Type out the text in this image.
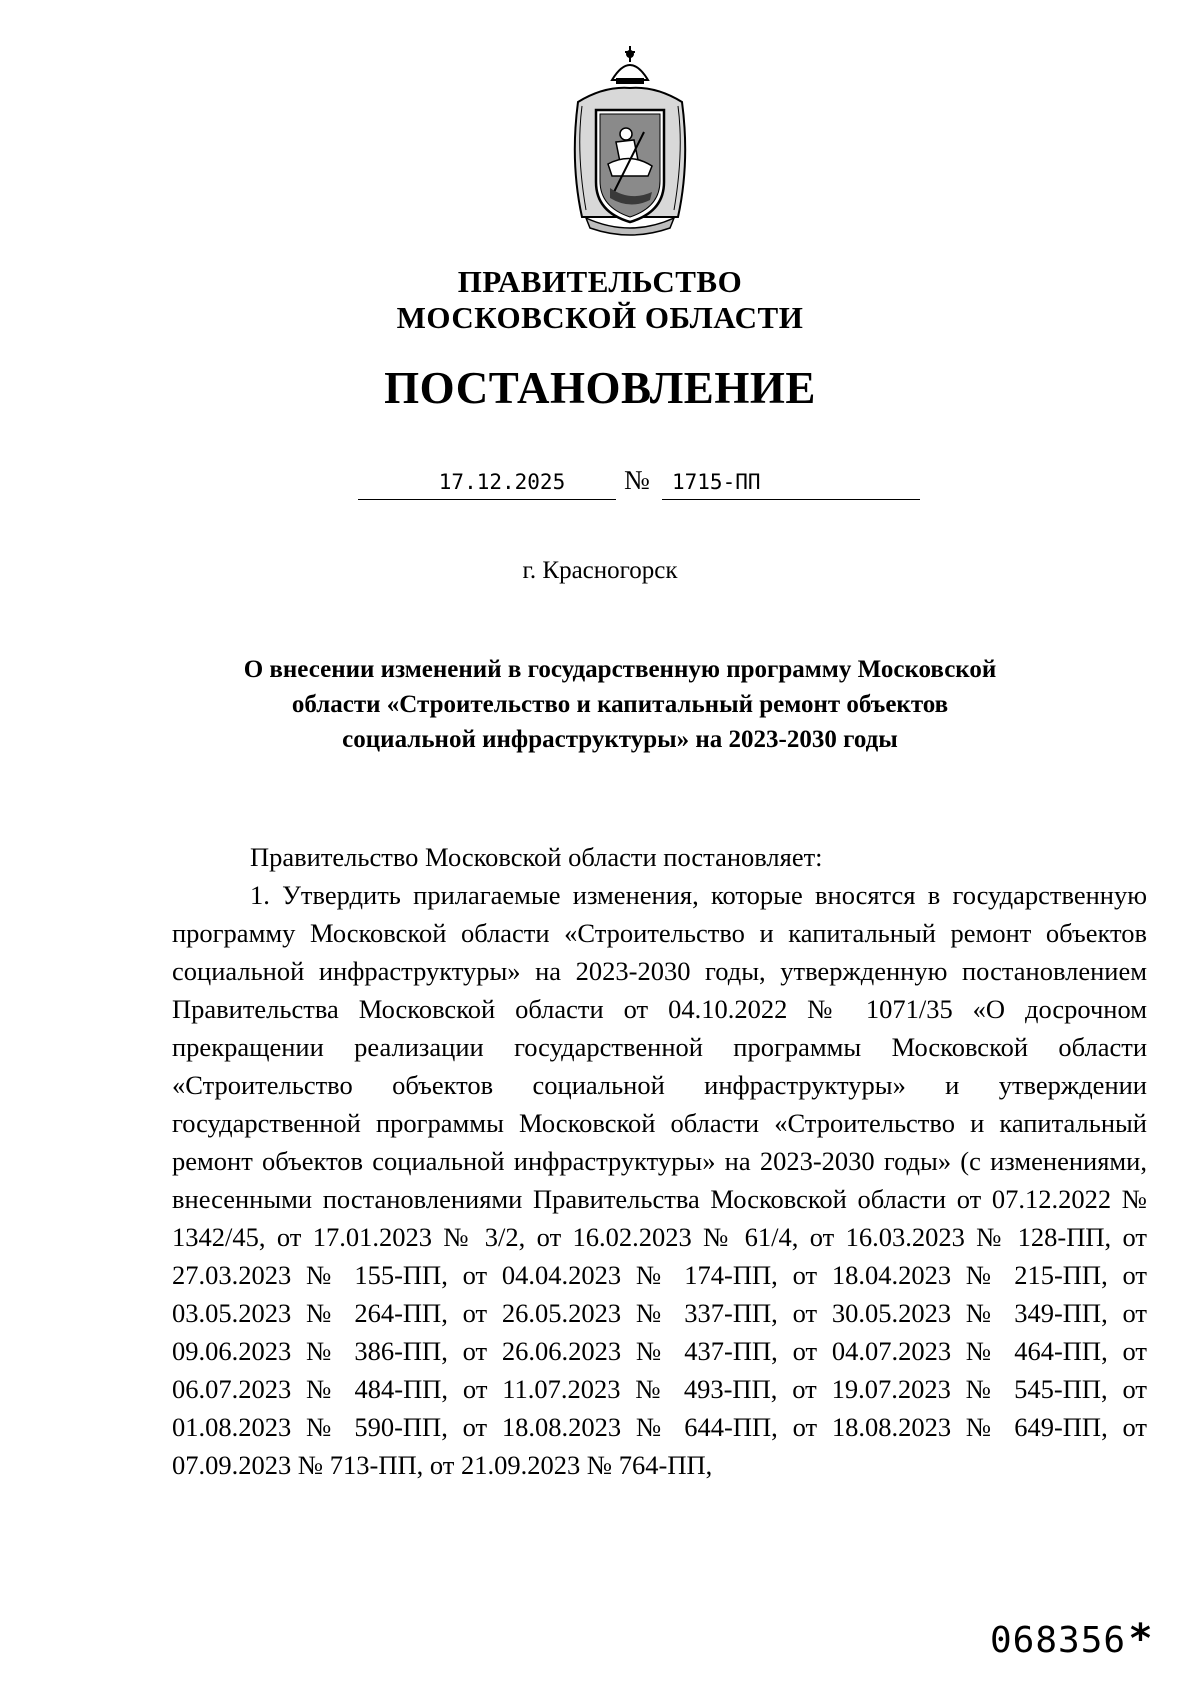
ПРАВИТЕЛЬСТВО
МОСКОВСКОЙ ОБЛАСТИ
ПОСТАНОВЛЕНИЕ
17.12.2025	№	1715-ПП
г. Красногорск
О внесении изменений в государственную программу Московской области «Строительство и капитальный ремонт объектов социальной инфраструктуры» на 2023-2030 годы

Правительство Московской области постановляет:

1. Утвердить прилагаемые изменения, которые вносятся в государственную программу Московской области «Строительство и капитальный ремонт объектов социальной инфраструктуры» на 2023-2030 годы, утвержденную постановлением Правительства Московской области от 04.10.2022 № 1071/35 «О досрочном прекращении реализации государственной программы Московской области «Строительство объектов социальной инфраструктуры» и утверждении государственной программы Московской области «Строительство и капитальный ремонт объектов социальной инфраструктуры» на 2023-2030 годы» (с изменениями, внесенными постановлениями Правительства Московской области от 07.12.2022 № 1342/45, от 17.01.2023 № 3/2, от 16.02.2023 № 61/4, от 16.03.2023 № 128-ПП, от 27.03.2023 № 155-ПП, от 04.04.2023 № 174-ПП, от 18.04.2023 № 215-ПП, от 03.05.2023 № 264-ПП, от 26.05.2023 № 337-ПП, от 30.05.2023 № 349-ПП, от 09.06.2023 № 386-ПП, от 26.06.2023 № 437-ПП, от 04.07.2023 № 464-ПП, от 06.07.2023 № 484-ПП, от 11.07.2023 № 493-ПП, от 19.07.2023 № 545-ПП, от 01.08.2023 № 590-ПП, от 18.08.2023 № 644-ПП, от 18.08.2023 № 649-ПП, от 07.09.2023 № 713-ПП, от 21.09.2023 № 764-ПП,

068356 *
